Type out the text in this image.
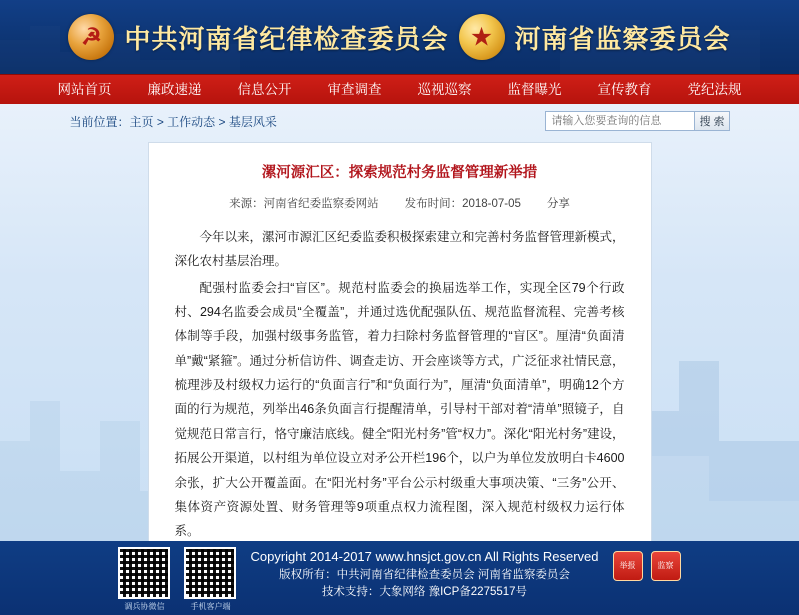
☭ 中共河南省纪律检查委员会 ★ 河南省监察委员会
网站首页	廉政速递	信息公开	审查调查	巡视巡察	监督曝光	宣传教育	党纪法规
当前位置：主页 > 工作动态 > 基层风采
请输入您要查询的信息	搜 索
漯河源汇区：探索规范村务监督管理新举措
来源：河南省纪委监察委网站 发布时间：2018-07-05 分享

今年以来，漯河市源汇区纪委监委积极探索建立和完善村务监督管理新模式，深化农村基层治理。

配强村监委会扫“盲区”。规范村监委会的换届选举工作，实现全区79个行政村、294名监委会成员“全覆盖”，并通过选优配强队伍、规范监督流程、完善考核体制等手段，加强村级事务监管，着力扫除村务监督管理的“盲区”。厘清“负面清单”戴“紧箍”。通过分析信访件、调查走访、开会座谈等方式，广泛征求社情民意，梳理涉及村级权力运行的“负面言行”和“负面行为”，厘清“负面清单”，明确12个方面的行为规范，列举出46条负面言行提醒清单，引导村干部对着“清单”照镜子，自觉规范日常言行，恪守廉洁底线。健全“阳光村务”管“权力”。深化“阳光村务”建设，拓展公开渠道，以村组为单位设立对矛公开栏196个，以户为单位发放明白卡4600余张，扩大公开覆盖面。在“阳光村务”平台公示村级重大事项决策、“三务”公开、集体资产资源处置、财务管理等9项重点权力流程图，深入规范村级权力运行体系。

调兵协微信	手机客户端
Copyright 2014-2017 www.hnsjct.gov.cn All Rights Reserved
版权所有：中共河南省纪律检查委员会 河南省监察委员会
技术支持：大象网络 豫ICP备2275517号
举报	监察
